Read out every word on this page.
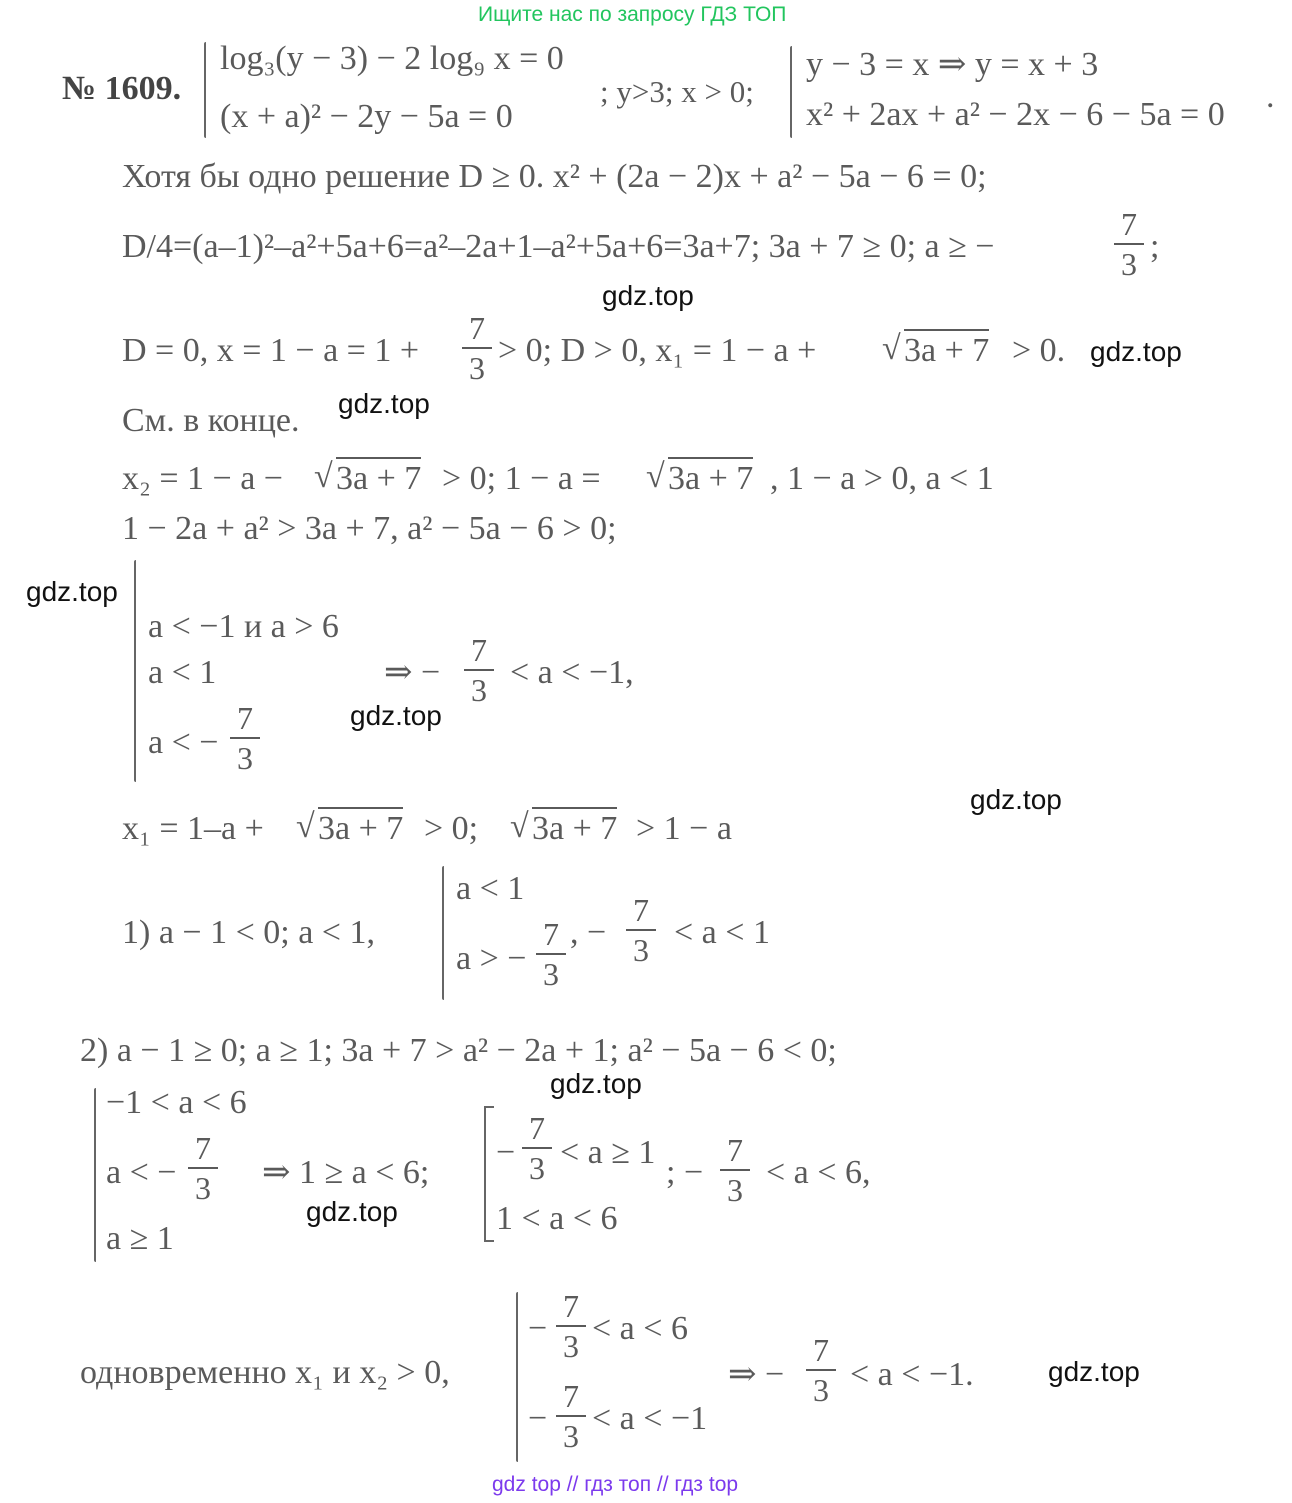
Ищите нас по запросу ГДЗ ТОП
№ 1609.
log₃(y − 3) − 2 log₉ x = 0
(x + a)² − 2y − 5a = 0
; y>3; x > 0;
y − 3 = x ⇒ y = x + 3
x² + 2ax + a² − 2x − 6 − 5a = 0 .
Хотя бы одно решение D ≥ 0. x² + (2a − 2)x + a² − 5a − 6 = 0;
D/4=(a–1)²–a²+5a+6=a²–2a+1–a²+5a+6=3a+7; 3a + 7 ≥ 0; a ≥ −
7
3 ;
gdz.top
D = 0, x = 1 − a = 1 +
7
3 > 0; D > 0, x₁ = 1 − a +	√ 3a + 7 > 0. gdz.top
gdz.top
См. в конце.
x₂ = 1 − a − √ 3a + 7 > 0; 1 − a = √ 3a + 7 , 1 − a > 0, a < 1
1 − 2a + a² > 3a + 7, a² − 5a − 6 > 0;
gdz.top
a < −1 и a > 6
a < 1
a < −
7
3
⇒ −
7
3 < a < −1,
gdz.top
gdz.top
x₁ = 1–a + √ 3a + 7 > 0; √ 3a + 7 > 1 − a
1) a − 1 < 0; a < 1,
a < 1
a > −
7
3
, −
7
3 < a < 1
2) a − 1 ≥ 0; a ≥ 1; 3a + 7 > a² − 2a + 1; a² − 5a − 6 < 0;
gdz.top
−1 < a < 6
a < −
7
3
a ≥ 1
⇒ 1 ≥ a < 6;
gdz.top
−
7
3 < a ≥ 1
1 < a < 6
; −
7
3 < a < 6,
одновременно x₁ и x₂ > 0,
−
7
3 < a < 6
−
7
3 < a < −1
⇒ −
7
3 < a < −1.	gdz.top
gdz top // гдз топ // гдз top
